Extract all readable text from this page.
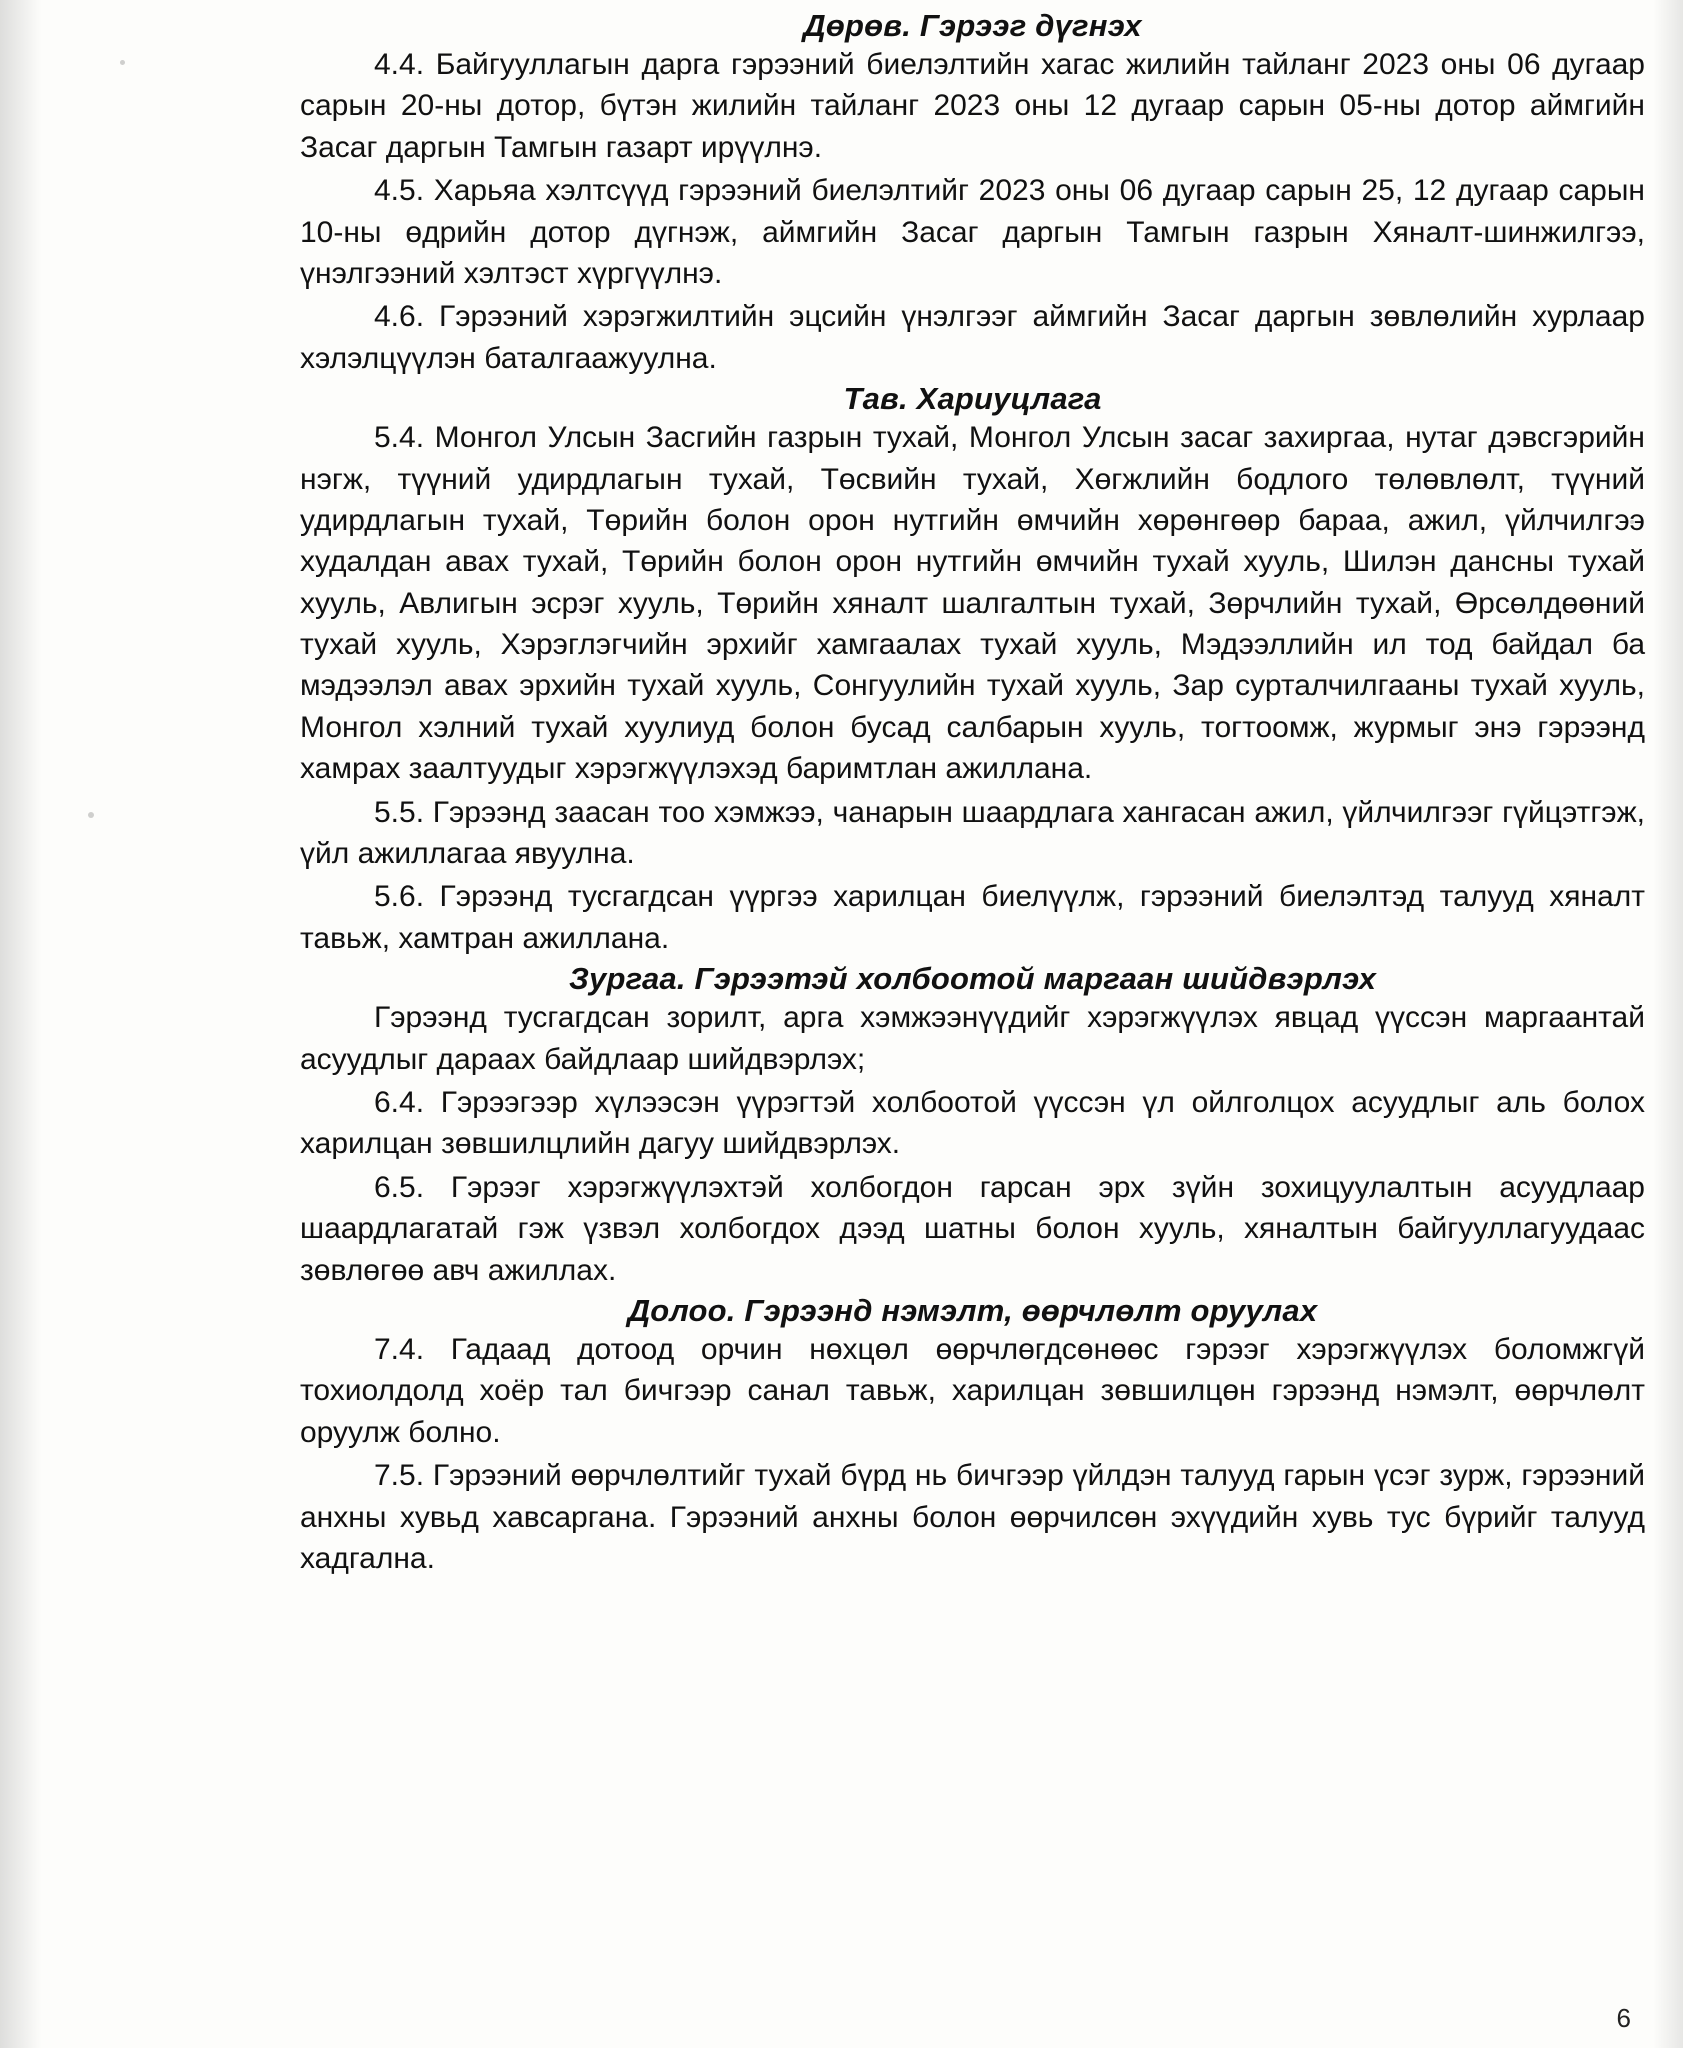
Дөрөв. Гэрээг дүгнэх

4.4. Байгууллагын дарга гэрээний биелэлтийн хагас жилийн тайланг 2023 оны 06 дугаар сарын 20-ны дотор, бүтэн жилийн тайланг 2023 оны 12 дугаар сарын 05-ны дотор аймгийн Засаг даргын Тамгын газарт ирүүлнэ.

4.5. Харьяа хэлтсүүд гэрээний биелэлтийг 2023 оны 06 дугаар сарын 25, 12 дугаар сарын 10-ны өдрийн дотор дүгнэж, аймгийн Засаг даргын Тамгын газрын Хяналт-шинжилгээ, үнэлгээний хэлтэст хүргүүлнэ.

4.6. Гэрээний хэрэгжилтийн эцсийн үнэлгээг аймгийн Засаг даргын зөвлөлийн хурлаар хэлэлцүүлэн баталгаажуулна.

Тав. Хариуцлага

5.4. Монгол Улсын Засгийн газрын тухай, Монгол Улсын засаг захиргаа, нутаг дэвсгэрийн нэгж, түүний удирдлагын тухай, Төсвийн тухай, Хөгжлийн бодлого төлөвлөлт, түүний удирдлагын тухай, Төрийн болон орон нутгийн өмчийн хөрөнгөөр бараа, ажил, үйлчилгээ худалдан авах тухай, Төрийн болон орон нутгийн өмчийн тухай хууль, Шилэн дансны тухай хууль, Авлигын эсрэг хууль, Төрийн хяналт шалгалтын тухай, Зөрчлийн тухай, Өрсөлдөөний тухай хууль, Хэрэглэгчийн эрхийг хамгаалах тухай хууль, Мэдээллийн ил тод байдал ба мэдээлэл авах эрхийн тухай хууль, Сонгуулийн тухай хууль, Зар сурталчилгааны тухай хууль, Монгол хэлний тухай хуулиуд болон бусад салбарын хууль, тогтоомж, журмыг энэ гэрээнд хамрах заалтуудыг хэрэгжүүлэхэд баримтлан ажиллана.

5.5. Гэрээнд заасан тоо хэмжээ, чанарын шаардлага хангасан ажил, үйлчилгээг гүйцэтгэж, үйл ажиллагаа явуулна.

5.6. Гэрээнд тусгагдсан үүргээ харилцан биелүүлж, гэрээний биелэлтэд талууд хяналт тавьж, хамтран ажиллана.

Зургаа. Гэрээтэй холбоотой маргаан шийдвэрлэх

Гэрээнд тусгагдсан зорилт, арга хэмжээнүүдийг хэрэгжүүлэх явцад үүссэн маргаантай асуудлыг дараах байдлаар шийдвэрлэх;

6.4. Гэрээгээр хүлээсэн үүрэгтэй холбоотой үүссэн үл ойлголцох асуудлыг аль болох харилцан зөвшилцлийн дагуу шийдвэрлэх.

6.5. Гэрээг хэрэгжүүлэхтэй холбогдон гарсан эрх зүйн зохицуулалтын асуудлаар шаардлагатай гэж үзвэл холбогдох дээд шатны болон хууль, хяналтын байгууллагуудаас зөвлөгөө авч ажиллах.

Долоо. Гэрээнд нэмэлт, өөрчлөлт оруулах

7.4. Гадаад дотоод орчин нөхцөл өөрчлөгдсөнөөс гэрээг хэрэгжүүлэх боломжгүй тохиолдолд хоёр тал бичгээр санал тавьж, харилцан зөвшилцөн гэрээнд нэмэлт, өөрчлөлт оруулж болно.

7.5. Гэрээний өөрчлөлтийг тухай бүрд нь бичгээр үйлдэн талууд гарын үсэг зурж, гэрээний анхны хувьд хавсаргана. Гэрээний анхны болон өөрчилсөн эхүүдийн хувь тус бүрийг талууд хадгална.

6
